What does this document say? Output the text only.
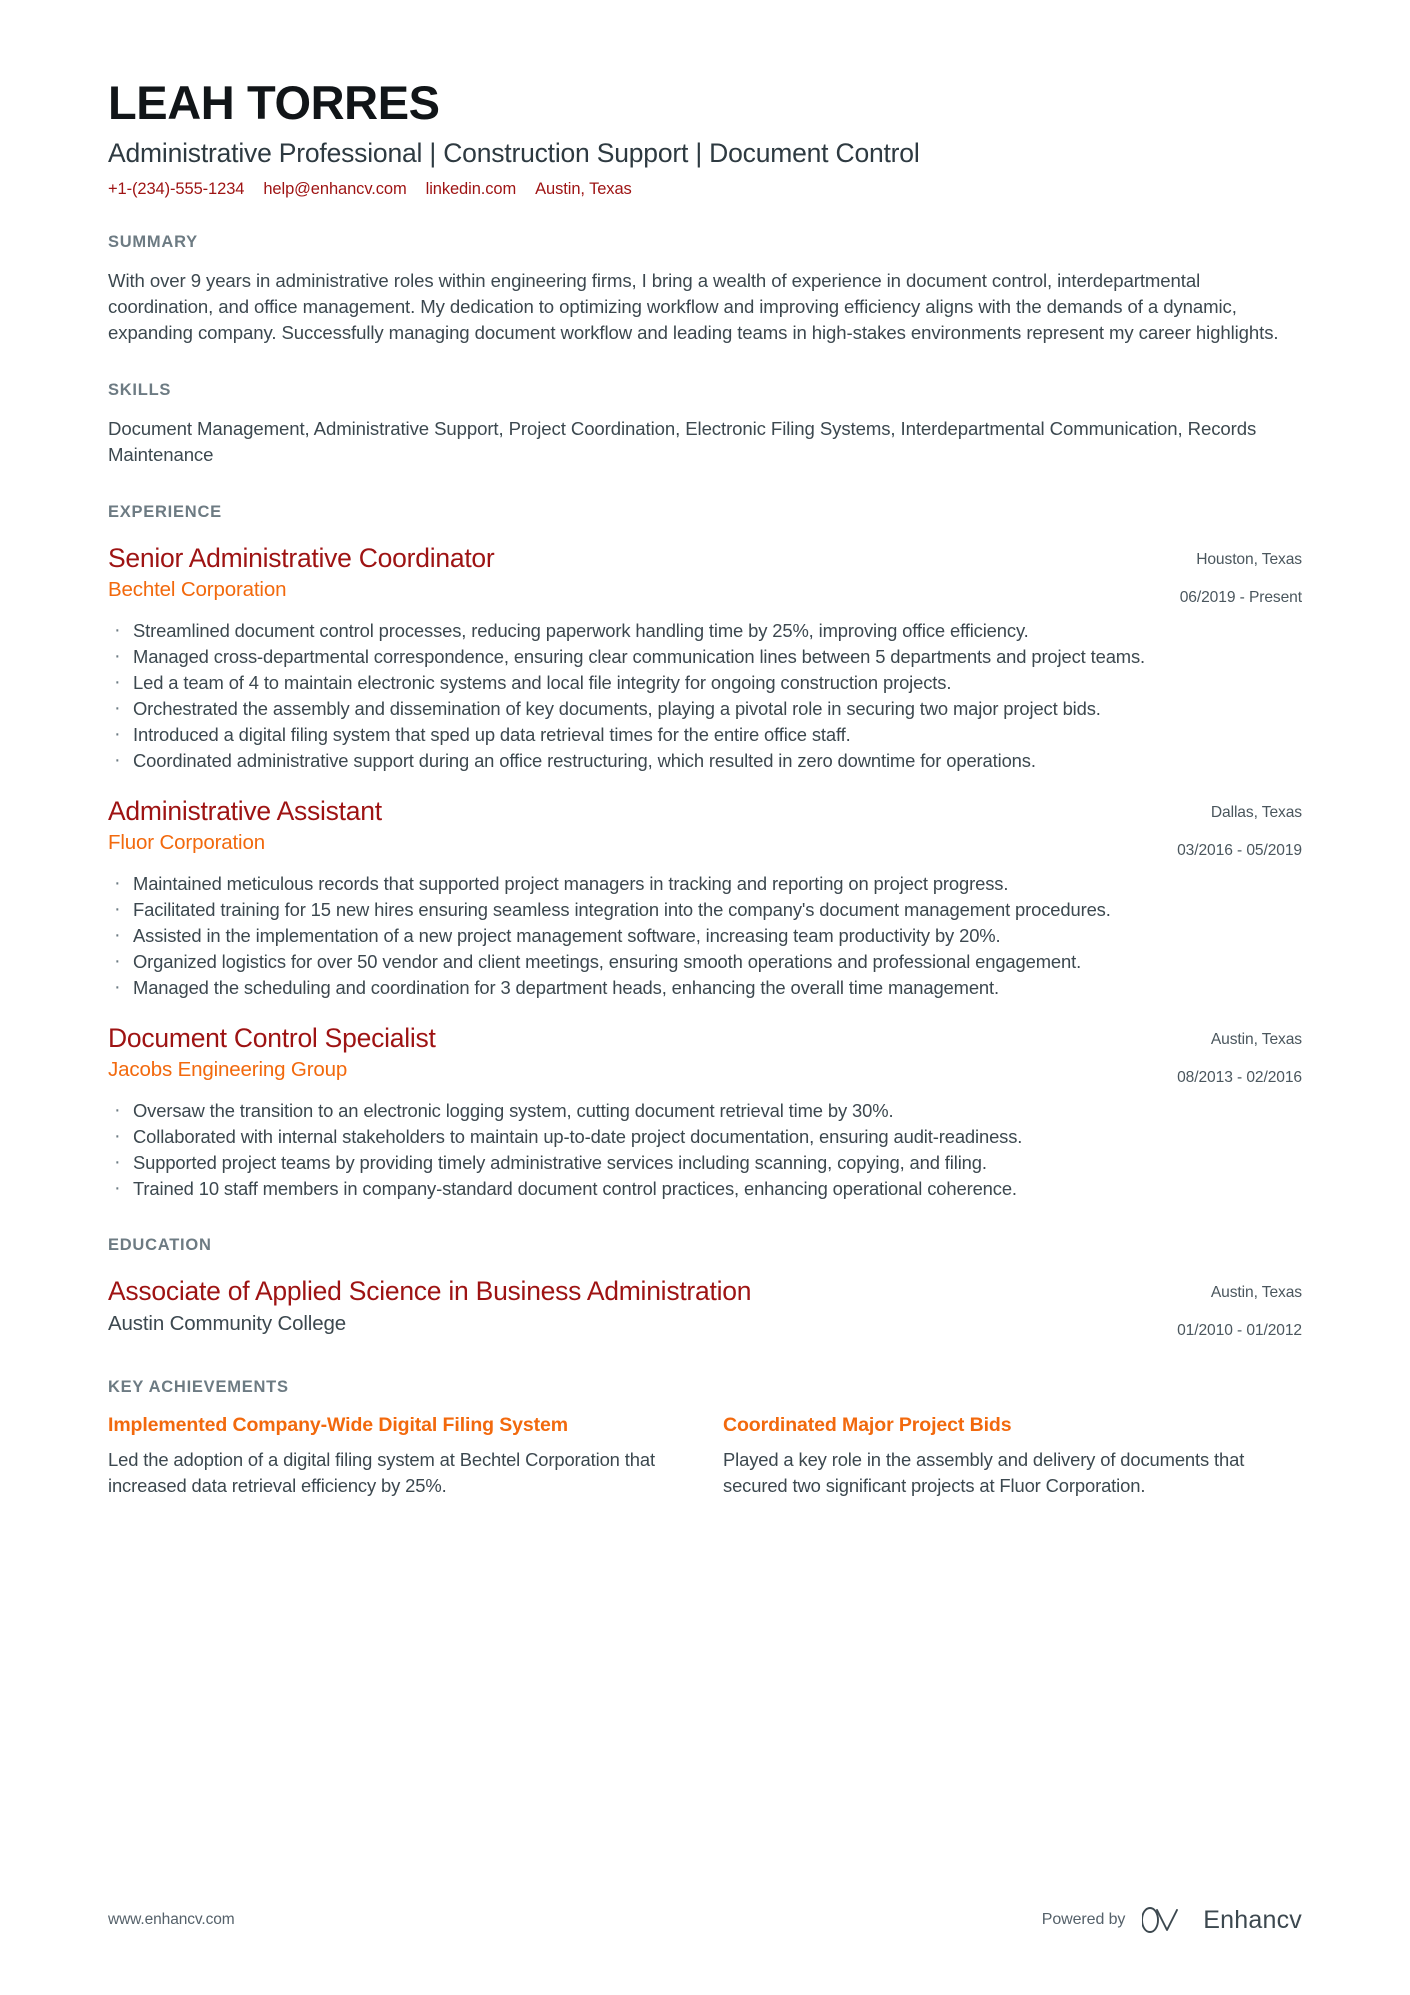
LEAH TORRES
Administrative Professional | Construction Support | Document Control
+1-(234)-555-1234 help@enhancv.com linkedin.com Austin, Texas
SUMMARY

With over 9 years in administrative roles within engineering firms, I bring a wealth of experience in document control, interdepartmental coordination, and office management. My dedication to optimizing workflow and improving efficiency aligns with the demands of a dynamic, expanding company. Successfully managing document workflow and leading teams in high-stakes environments represent my career highlights.

SKILLS

Document Management, Administrative Support, Project Coordination, Electronic Filing Systems, Interdepartmental Communication, Records Maintenance

EXPERIENCE
Senior Administrative Coordinator
Bechtel Corporation
Houston, Texas
06/2019 - Present
· Streamlined document control processes, reducing paperwork handling time by 25%, improving office efficiency.
· Managed cross-departmental correspondence, ensuring clear communication lines between 5 departments and project teams.
· Led a team of 4 to maintain electronic systems and local file integrity for ongoing construction projects.
· Orchestrated the assembly and dissemination of key documents, playing a pivotal role in securing two major project bids.
· Introduced a digital filing system that sped up data retrieval times for the entire office staff.
· Coordinated administrative support during an office restructuring, which resulted in zero downtime for operations.
Administrative Assistant
Fluor Corporation
Dallas, Texas
03/2016 - 05/2019
· Maintained meticulous records that supported project managers in tracking and reporting on project progress.
· Facilitated training for 15 new hires ensuring seamless integration into the company's document management procedures.
· Assisted in the implementation of a new project management software, increasing team productivity by 20%.
· Organized logistics for over 50 vendor and client meetings, ensuring smooth operations and professional engagement.
· Managed the scheduling and coordination for 3 department heads, enhancing the overall time management.
Document Control Specialist
Jacobs Engineering Group
Austin, Texas
08/2013 - 02/2016
· Oversaw the transition to an electronic logging system, cutting document retrieval time by 30%.
· Collaborated with internal stakeholders to maintain up-to-date project documentation, ensuring audit-readiness.
· Supported project teams by providing timely administrative services including scanning, copying, and filing.
· Trained 10 staff members in company-standard document control practices, enhancing operational coherence.
EDUCATION
Associate of Applied Science in Business Administration
Austin Community College
Austin, Texas
01/2010 - 01/2012
KEY ACHIEVEMENTS
Implemented Company-Wide Digital Filing System
Led the adoption of a digital filing system at Bechtel Corporation that increased data retrieval efficiency by 25%.
Coordinated Major Project Bids
Played a key role in the assembly and delivery of documents that secured two significant projects at Fluor Corporation.
www.enhancv.com	Powered by	Enhancv
